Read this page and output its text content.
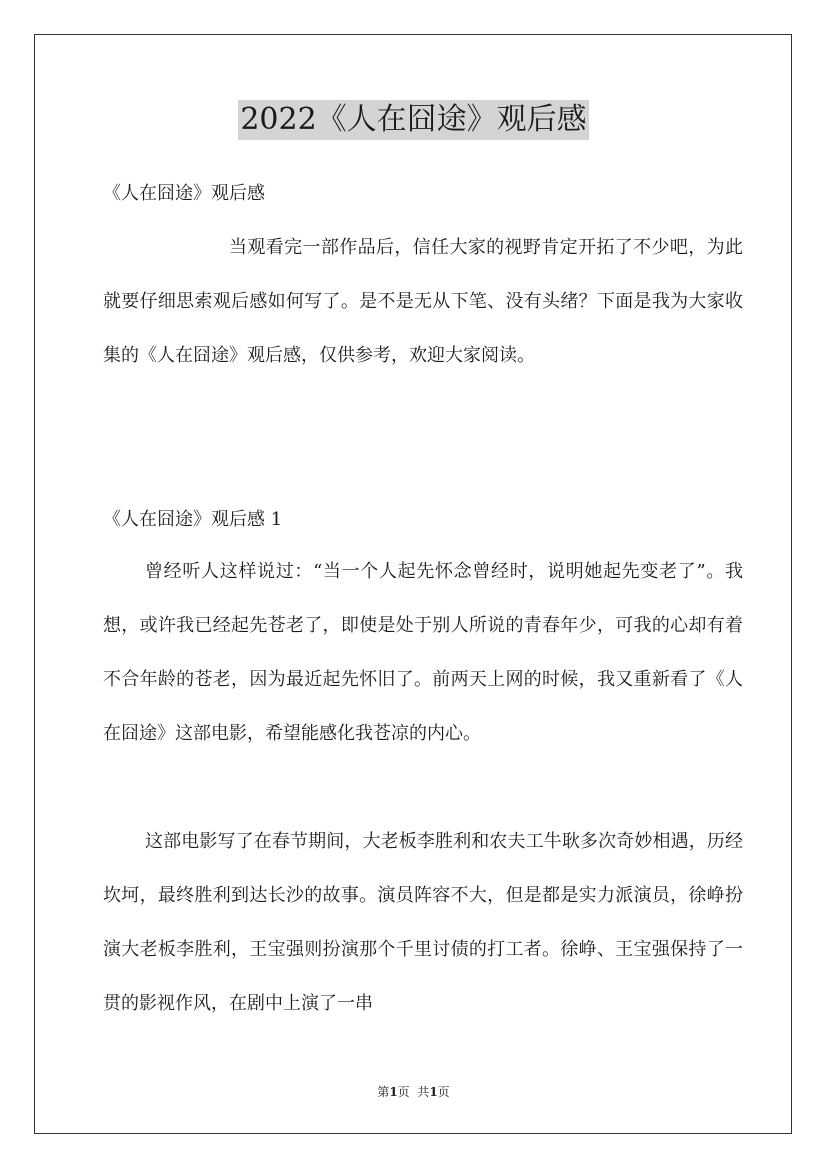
2022《人在囧途》观后感
《人在囧途》观后感

当观看完一部作品后，信任大家的视野肯定开拓了不少吧，为此就要仔细思索观后感如何写了。是不是无从下笔、没有头绪？下面是我为大家收集的《人在囧途》观后感，仅供参考，欢迎大家阅读。

《人在囧途》观后感 1

曾经听人这样说过：“当一个人起先怀念曾经时，说明她起先变老了”。我想，或许我已经起先苍老了，即使是处于别人所说的青春年少，可我的心却有着不合年龄的苍老，因为最近起先怀旧了。前两天上网的时候，我又重新看了《人在囧途》这部电影，希望能感化我苍凉的内心。

这部电影写了在春节期间，大老板李胜利和农夫工牛耿多次奇妙相遇，历经坎坷，最终胜利到达长沙的故事。演员阵容不大，但是都是实力派演员，徐峥扮演大老板李胜利，王宝强则扮演那个千里讨债的打工者。徐峥、王宝强保持了一贯的影视作风，在剧中上演了一串

第1页  共1页
